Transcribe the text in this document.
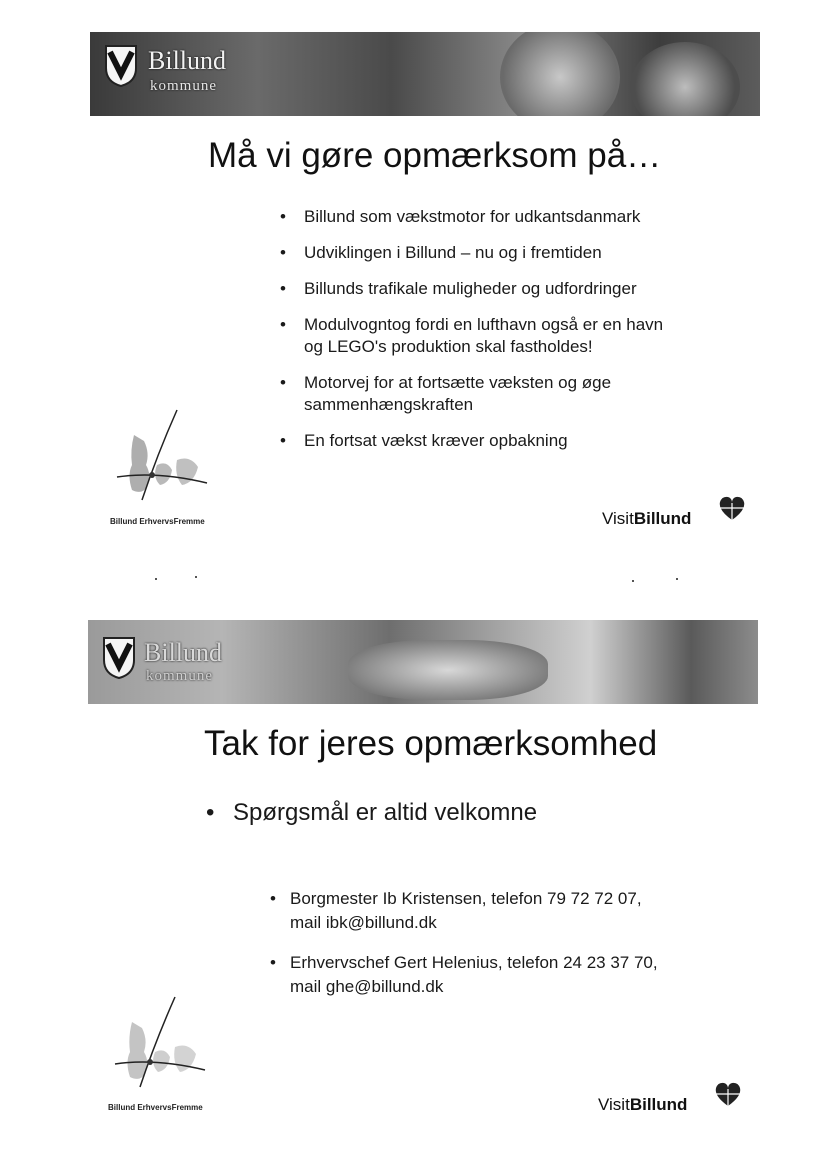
Billund
kommune
Må vi gøre opmærksom på…
• Billund som vækstmotor for udkantsdanmark
• Udviklingen i Billund – nu og i fremtiden
• Billunds trafikale muligheder og udfordringer
• Modulvogntog fordi en lufthavn også er en havn og LEGO's produktion skal fastholdes!
• Motorvej for at fortsætte væksten og øge sammenhængskraften
• En fortsat vækst kræver opbakning
Billund ErhvervsFremme	VisitBillund
Billund
kommune
Tak for jeres opmærksomhed
• Spørgsmål er altid velkomne
• Borgmester Ib Kristensen, telefon 79 72 72 07, mail ibk@billund.dk
• Erhvervschef Gert Helenius, telefon 24 23 37 70, mail ghe@billund.dk
Billund ErhvervsFremme	VisitBillund
